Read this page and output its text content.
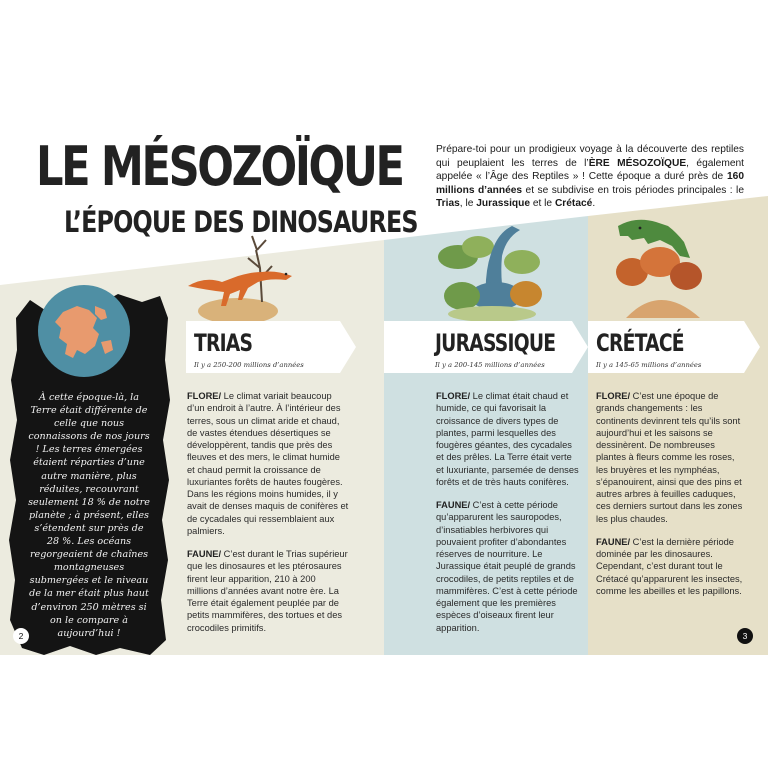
LE MÉSOZOÏQUE
L’ÉPOQUE DES DINOSAURES
Prépare-toi pour un prodigieux voyage à la découverte des reptiles qui peuplaient les terres de l’ÈRE MÉSOZOÏQUE, également appelée « l’Âge des Reptiles » ! Cette époque a duré près de 160 millions d’années et se subdivise en trois périodes principales : le Trias, le Jurassique et le Crétacé.
À cette époque-là, la Terre était différente de celle que nous connaissons de nos jours ! Les terres émergées étaient réparties d’une autre manière, plus réduites, recouvrant seulement 18 % de notre planète ; à présent, elles s’étendent sur près de 28 %. Les océans regorgeaient de chaînes montagneuses submergées et le niveau de la mer était plus haut d’environ 250 mètres si on le compare à aujourd’hui !
TRIAS
Il y a 250-200 millions d’années
JURASSIQUE
Il y a 200-145 millions d’années
CRÉTACÉ
Il y a 145-65 millions d’années

FLORE/ Le climat variait beaucoup d’un endroit à l’autre. À l’intérieur des terres, sous un climat aride et chaud, de vastes étendues désertiques se développèrent, tandis que près des fleuves et des mers, le climat humide et chaud permit la croissance de luxuriantes forêts de hautes fougères. Dans les régions moins humides, il y avait de denses maquis de conifères et de cycadales qui ressemblaient aux palmiers.

FAUNE/ C’est durant le Trias supérieur que les dinosaures et les ptérosaures firent leur apparition, 210 à 200 millions d’années avant notre ère. La Terre était également peuplée par de petits mammifères, des tortues et des crocodiles primitifs.

FLORE/ Le climat était chaud et humide, ce qui favorisait la croissance de divers types de plantes, parmi lesquelles des fougères géantes, des cycadales et des prêles. La Terre était verte et luxuriante, parsemée de denses forêts et de très hauts conifères.

FAUNE/ C’est à cette période qu’apparurent les sauropodes, d’insatiables herbivores qui pouvaient profiter d’abondantes réserves de nourriture. Le Jurassique était peuplé de grands crocodiles, de petits reptiles et de mammifères. C’est à cette période également que les premières espèces d’oiseaux firent leur apparition.

FLORE/ C’est une époque de grands changements : les continents devinrent tels qu’ils sont aujourd’hui et les saisons se dessinèrent. De nombreuses plantes à fleurs comme les roses, les bruyères et les nymphéas, s’épanouirent, ainsi que des pins et autres arbres à feuilles caduques, ces derniers surtout dans les zones les plus chaudes.

FAUNE/ C’est la dernière période dominée par les dinosaures. Cependant, c’est durant tout le Crétacé qu’apparurent les insectes, comme les abeilles et les papillons.

2	3
